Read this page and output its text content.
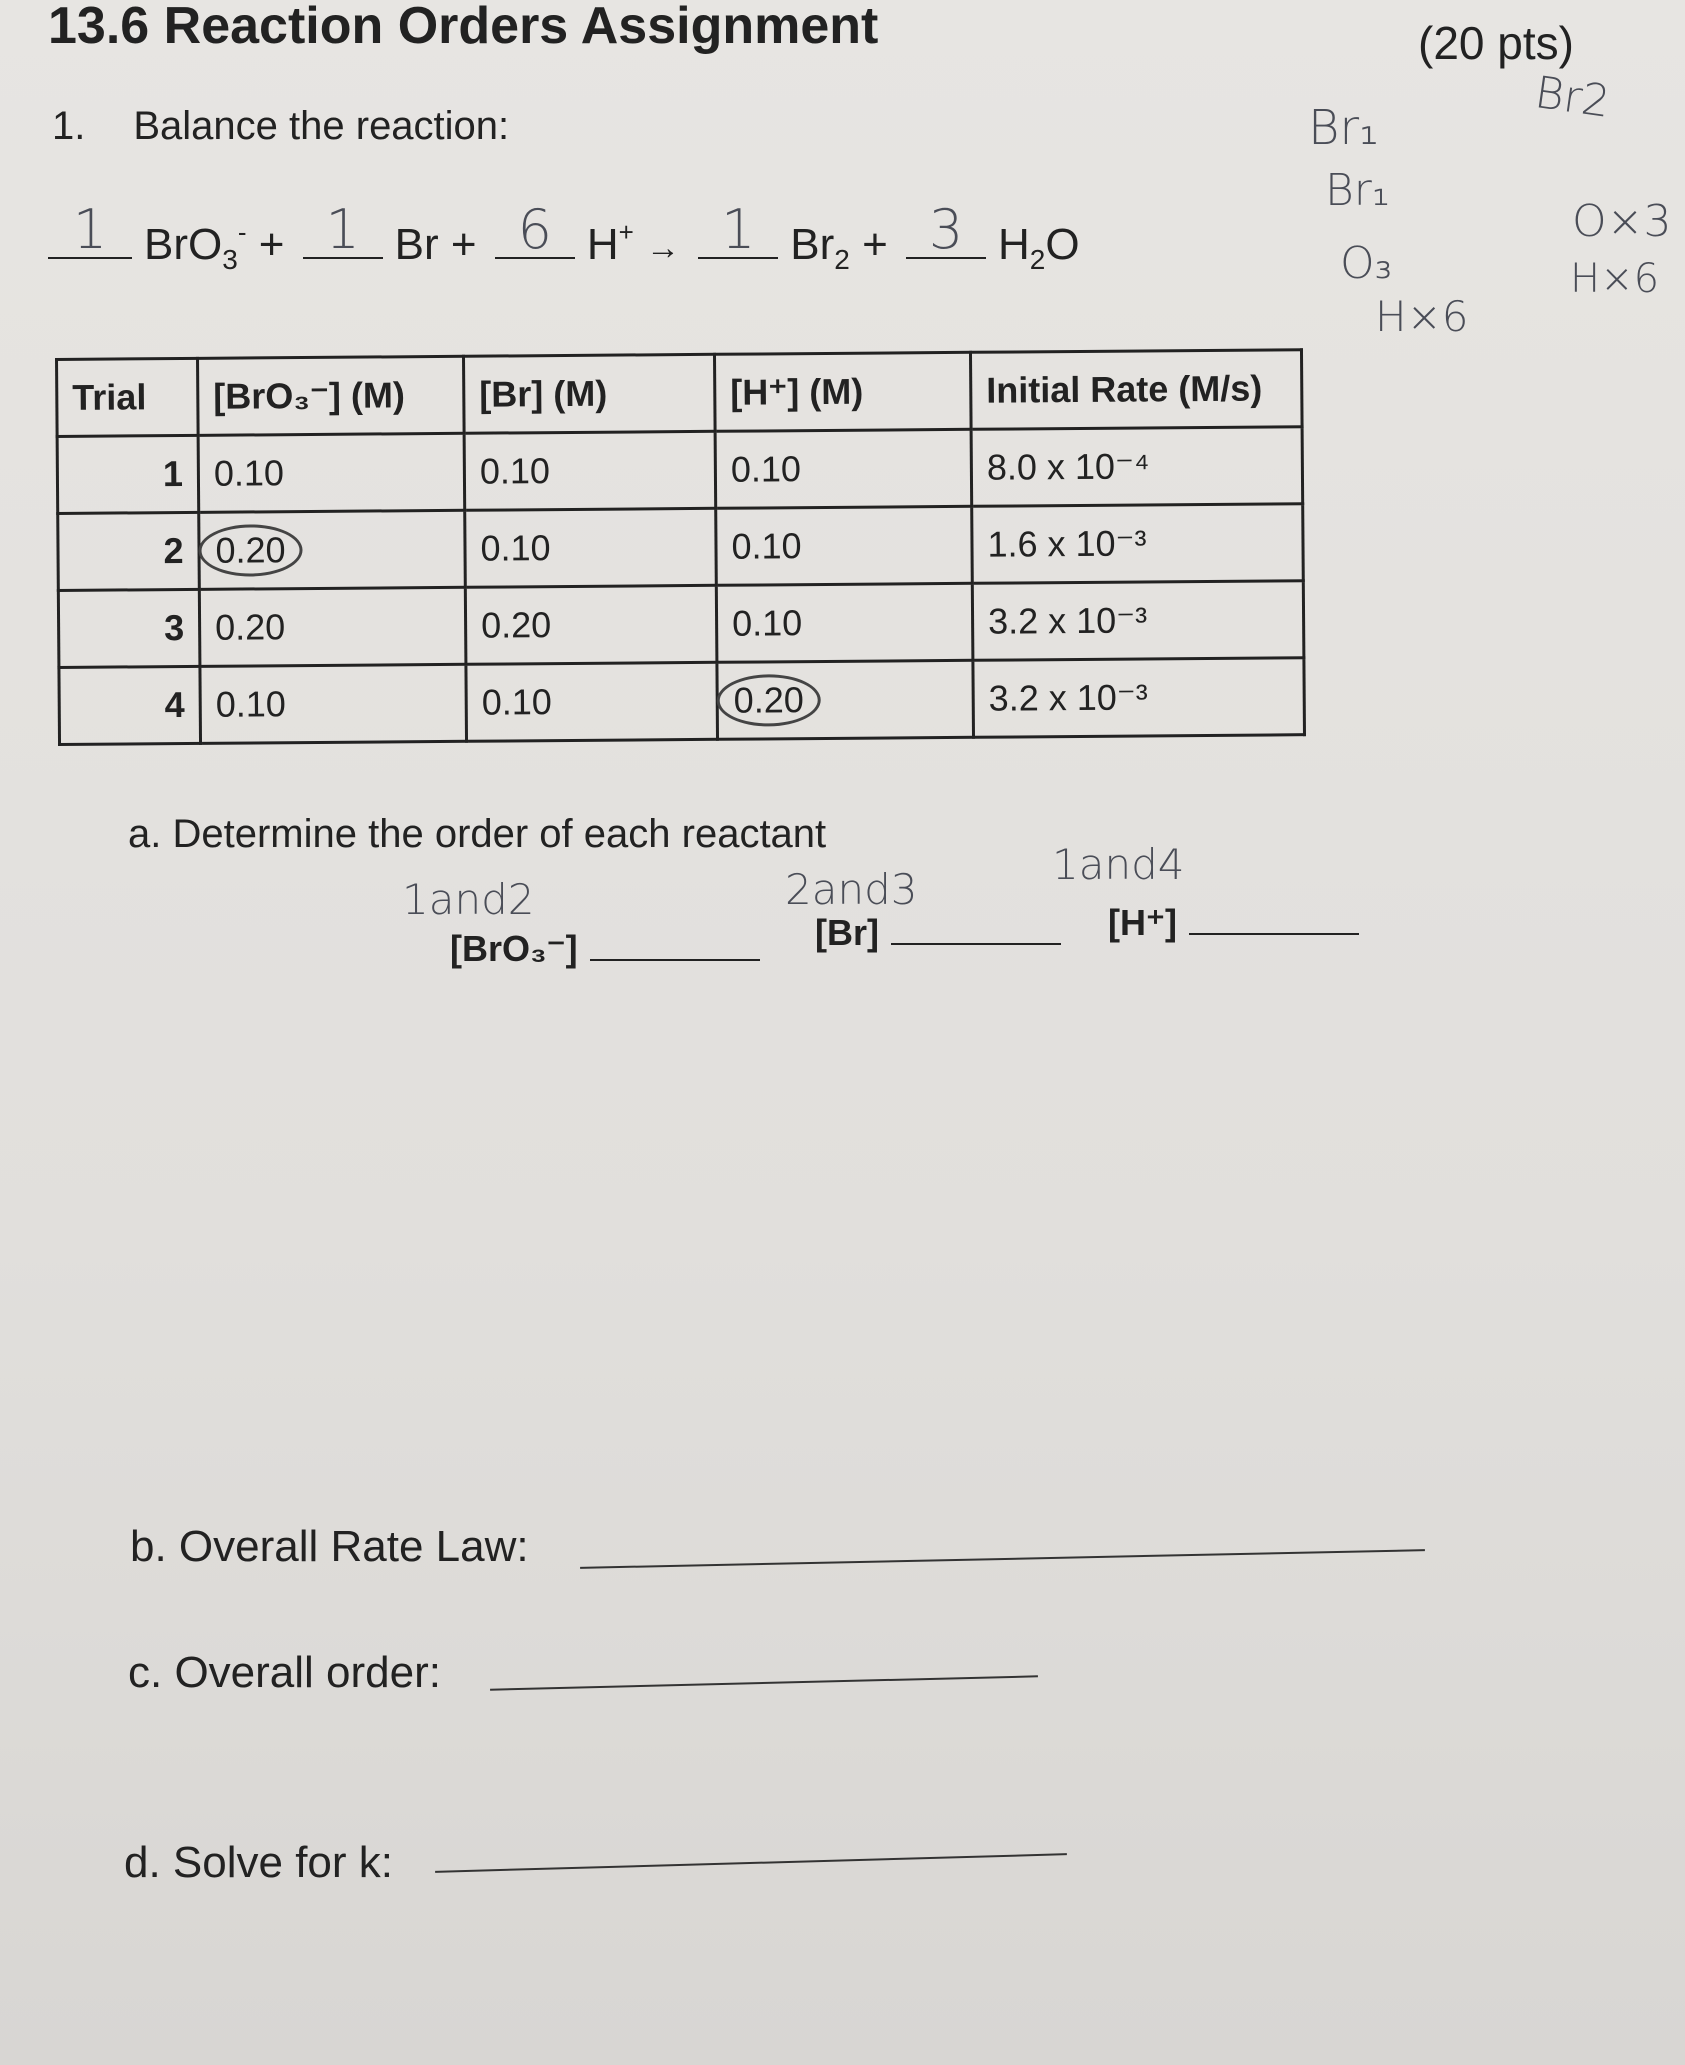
13.6 Reaction Orders Assignment	(20 pts)
1. Balance the reaction:
1 BrO$_3$- + 1 Br + 6 H+ → 1 $Br_2 + 3$ $H_2O$
Br₁
Br₁
O₃
H×6
Br2
O×3
H×6
Trial	[BrO₃⁻] (M)	[Br] (M)	[H⁺] (M)	Initial Rate (M/s)
1	0.10	0.10	0.10	8.0 x 10⁻⁴
2	0.20	0.10	0.10	1.6 x 10⁻³
3	0.20	0.20	0.10	3.2 x 10⁻³
4	0.10	0.10	0.20	3.2 x 10⁻³
a. Determine the order of each reactant
1and2	2and3
1and4
[BrO₃⁻]	[Br]	[H⁺]
b. Overall Rate Law:
c. Overall order:
d. Solve for k:
